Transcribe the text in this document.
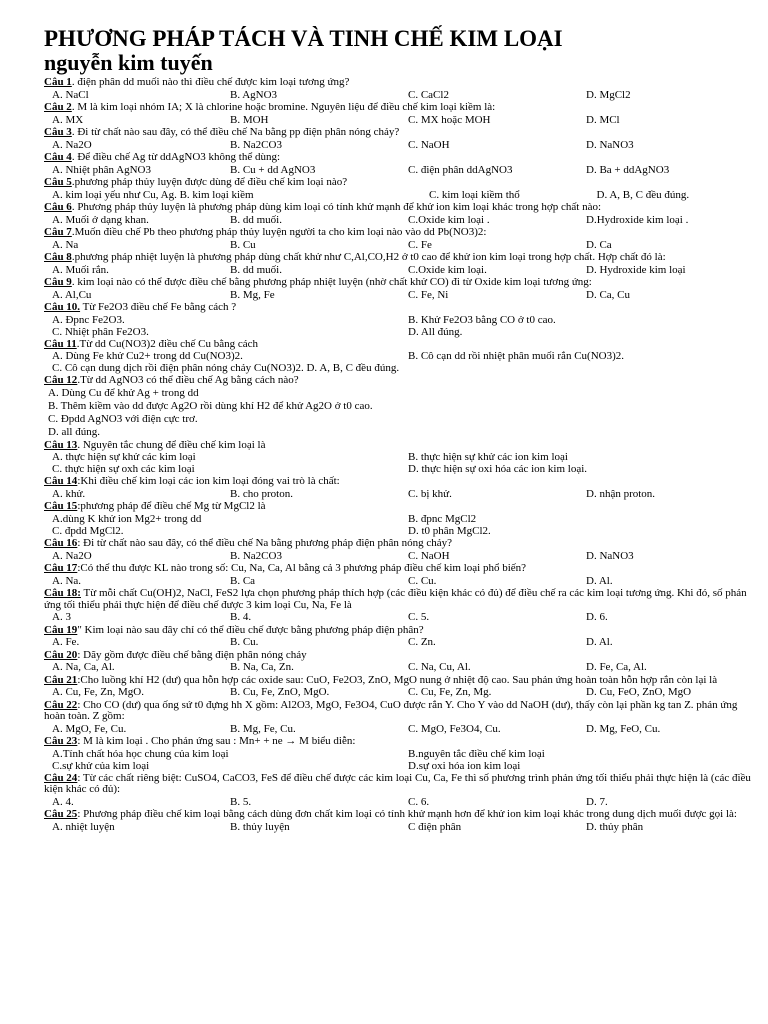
PHƯƠNG PHÁP TÁCH VÀ TINH CHẾ KIM LOẠI
nguyễn kim tuyến
Câu 1. điện phân dd muối nào thì điều chế được kim loại tương ứng?
A. NaCl	B. AgNO3	C. CaCl2	D. MgCl2
Câu 2. M là kim loại nhóm IA; X là chlorine hoặc bromine. Nguyên liệu để điều chế kim loại kiềm là:
A. MX	B. MOH	C. MX hoặc MOH	D. MCl
Câu 3. Đi từ chất nào sau đây, có thể điều chế Na bằng pp điện phân nóng chảy?
A. Na2O	B. Na2CO3	C. NaOH	D. NaNO3
Câu 4. Để điều chế Ag từ ddAgNO3 không thể dùng:
A. Nhiệt phân AgNO3	B. Cu + dd AgNO3	C. điện phân ddAgNO3	D. Ba + ddAgNO3
Câu 5.phương pháp thủy luyện được dùng để điều chế kim loại nào?
A. kim loại yếu như Cu, Ag. B. kim loại kiềm	C. kim loại kiềm thổ	D. A, B, C đều đúng.
Câu 6. Phương pháp thủy luyện là phương pháp dùng kim loại có tính khử mạnh để khử ion kim loại khác trong hợp chất nào:
A. Muối ở dạng khan.	B. dd muối.	C.Oxide kim loại .	D.Hydroxide kim loại .
Câu 7.Muốn điều chế Pb theo phương pháp thủy luyện người ta cho kim loại nào vào dd Pb(NO3)2:
A. Na	B. Cu	C. Fe	D. Ca
Câu 8.phương pháp nhiệt luyện là phương pháp dùng chất khử như C,Al,CO,H2 ở t0 cao để khử ion kim loại trong hợp chất. Hợp chất đó là:
A. Muối rắn.	B. dd muối.	C.Oxide kim loại.	D. Hydroxide kim loại
Câu 9. kim loại nào có thể được điều chế bằng phương pháp nhiệt luyện (nhờ chất khử CO) đi từ Oxide kim loại tương ứng:
A. Al,Cu	B. Mg, Fe	C. Fe, Ni	D. Ca, Cu
Câu 10. Từ Fe2O3 điều chế Fe bằng cách ?
A. Đpnc Fe2O3.	B. Khử Fe2O3 bằng CO ở t0 cao.
C. Nhiệt phân Fe2O3.	D. All đúng.
Câu 11.Từ dd Cu(NO3)2 điều chế Cu bằng cách
A. Dùng Fe khử Cu2+ trong dd Cu(NO3)2.	B. Cô cạn dd rồi nhiệt phân muối rắn Cu(NO3)2.
C. Cô cạn dung dịch rồi điện phân nóng chảy Cu(NO3)2. D. A, B, C đều đúng.
Câu 12.Từ dd AgNO3 có thể điều chế Ag bằng cách nào?
A. Dùng Cu để khử Ag + trong dd
B. Thêm kiềm vào dd được Ag2O rồi dùng khí H2 để khử Ag2O ở t0 cao.
C. Đpdd AgNO3 với điện cực trơ.
D. all đúng.
Câu 13. Nguyên tắc chung để điều chế kim loại là
A. thực hiện sự khử các kim loại	B. thực hiện sự khử các ion kim loại
C. thực hiện sự oxh các kim loại	D. thực hiện sự oxi hóa các ion kim loại.
Câu 14:Khi điều chế kim loại các ion kim loại đóng vai trò là chất:
A. khử.	B. cho proton.	C. bị khử.	D. nhận proton.
Câu 15:phương pháp để điều chế Mg từ MgCl2 là
A.dùng K khử ion Mg2+ trong dd	B. đpnc MgCl2
C. đpdd MgCl2.	D. t0 phân MgCl2.
Câu 16: Đi từ chất nào sau đây, có thể điều chế Na bằng phương pháp điện phân nóng chảy?
A. Na2O	B. Na2CO3	C. NaOH	D. NaNO3
Câu 17:Có thể thu được KL nào trong số: Cu, Na, Ca, Al bằng cả 3 phương pháp điều chế kim loại phổ biến?
A. Na.	B. Ca	C. Cu.	D. Al.
Câu 18: Từ mỗi chất Cu(OH)2, NaCl, FeS2 lựa chọn phương pháp thích hợp (các điều kiện khác có đủ) để điều chế ra các kim loại tương ứng. Khi đó, số phản ứng tối thiểu phải thực hiện để điều chế được 3 kim loại Cu, Na, Fe là
A. 3	B. 4.	C. 5.	D. 6.
Câu 19" Kim loại nào sau đây chỉ có thể điều chế được bằng phương pháp điện phân?
A. Fe.	B. Cu.	C. Zn.	D. Al.
Câu 20: Dãy gồm được điều chế bằng điện phân nóng chảy
A. Na, Ca, Al.	B. Na, Ca, Zn.	C. Na, Cu, Al.	D. Fe, Ca, Al.
Câu 21:Cho luồng khí H2 (dư) qua hỗn hợp các oxide sau: CuO, Fe2O3, ZnO, MgO nung ở nhiệt độ cao. Sau phản ứng hoàn toàn hỗn hợp rắn còn lại là
A. Cu, Fe, Zn, MgO.	B. Cu, Fe, ZnO, MgO.	C. Cu, Fe, Zn, Mg.	D. Cu, FeO, ZnO, MgO
Câu 22: Cho CO (dư) qua ống sứ t0 đựng hh X gồm: Al2O3, MgO, Fe3O4, CuO được rắn Y. Cho Y vào dd NaOH (dư), thấy còn lại phần kg tan Z. phản ứng hoàn toàn. Z gồm:
A. MgO, Fe, Cu.	B. Mg, Fe, Cu.	C. MgO, Fe3O4, Cu.	D. Mg, FeO, Cu.
Câu 23: M là kim loại . Cho phản ứng sau : Mn+ + ne → M biểu diễn:
A.Tính chất hóa học chung của kim loại	B.nguyên tắc điều chế kim loại
C.sự khử của kim loại	D.sự oxi hóa ion kim loại
Câu 24: Từ các chất riêng biệt: CuSO4, CaCO3, FeS để điều chế được các kim loại Cu, Ca, Fe thì số phương trình phản ứng tối thiểu phải thực hiện là (các điều kiện khác có đủ):
A. 4.	B. 5.	C. 6.	D. 7.
Câu 25: Phương pháp điều chế kim loại bằng cách dùng đơn chất kim loại có tính khử mạnh hơn để khử ion kim loại khác trong dung dịch muối được gọi là:
A. nhiệt luyện	B. thủy luyện	C điện phân	D. thủy phân
